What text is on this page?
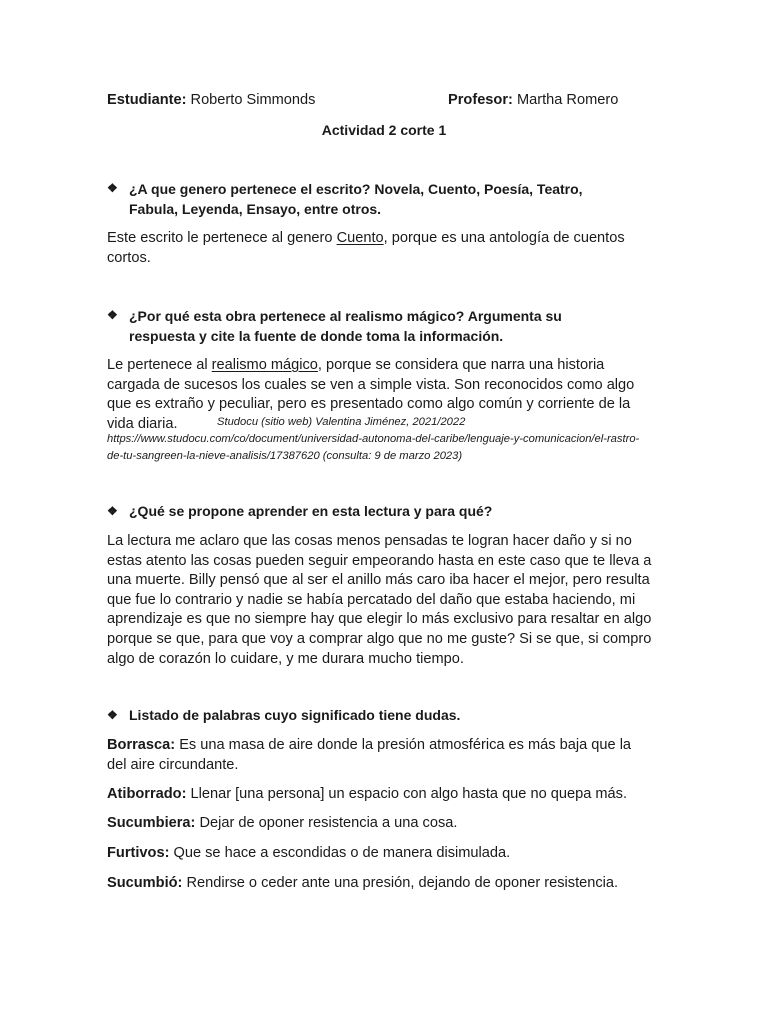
Estudiante: Roberto Simmonds	Profesor: Martha Romero
Actividad 2 corte 1
❖ ¿A que genero pertenece el escrito? Novela, Cuento, Poesía, Teatro, Fabula, Leyenda, Ensayo, entre otros.
Este escrito le pertenece al genero Cuento, porque es una antología de cuentos cortos.
❖ ¿Por qué esta obra pertenece al realismo mágico? Argumenta su respuesta y cite la fuente de donde toma la información.
Le pertenece al realismo mágico, porque se considera que narra una historia cargada de sucesos los cuales se ven a simple vista. Son reconocidos como algo que es extraño y peculiar, pero es presentado como algo común y corriente de la vida diaria.	Studocu (sitio web) Valentina Jiménez, 2021/2022 https://www.studocu.com/co/document/universidad-autonoma-del-caribe/lenguaje-y-comunicacion/el-rastro-de-tu-sangreen-la-nieve-analisis/17387620 (consulta: 9 de marzo 2023)
❖ ¿Qué se propone aprender en esta lectura y para qué?
La lectura me aclaro que las cosas menos pensadas te logran hacer daño y si no estas atento las cosas pueden seguir empeorando hasta en este caso que te lleva a una muerte. Billy pensó que al ser el anillo más caro iba hacer el mejor, pero resulta que fue lo contrario y nadie se había percatado del daño que estaba haciendo, mi aprendizaje es que no siempre hay que elegir lo más exclusivo para resaltar en algo porque se que, para que voy a comprar algo que no me guste? Si se que, si compro algo de corazón lo cuidare, y me durara mucho tiempo.
❖ Listado de palabras cuyo significado tiene dudas.
Borrasca: Es una masa de aire donde la presión atmosférica es más baja que la del aire circundante.
Atiborrado: Llenar [una persona] un espacio con algo hasta que no quepa más.
Sucumbiera: Dejar de oponer resistencia a una cosa.
Furtivos: Que se hace a escondidas o de manera disimulada.
Sucumbió: Rendirse o ceder ante una presión, dejando de oponer resistencia.
